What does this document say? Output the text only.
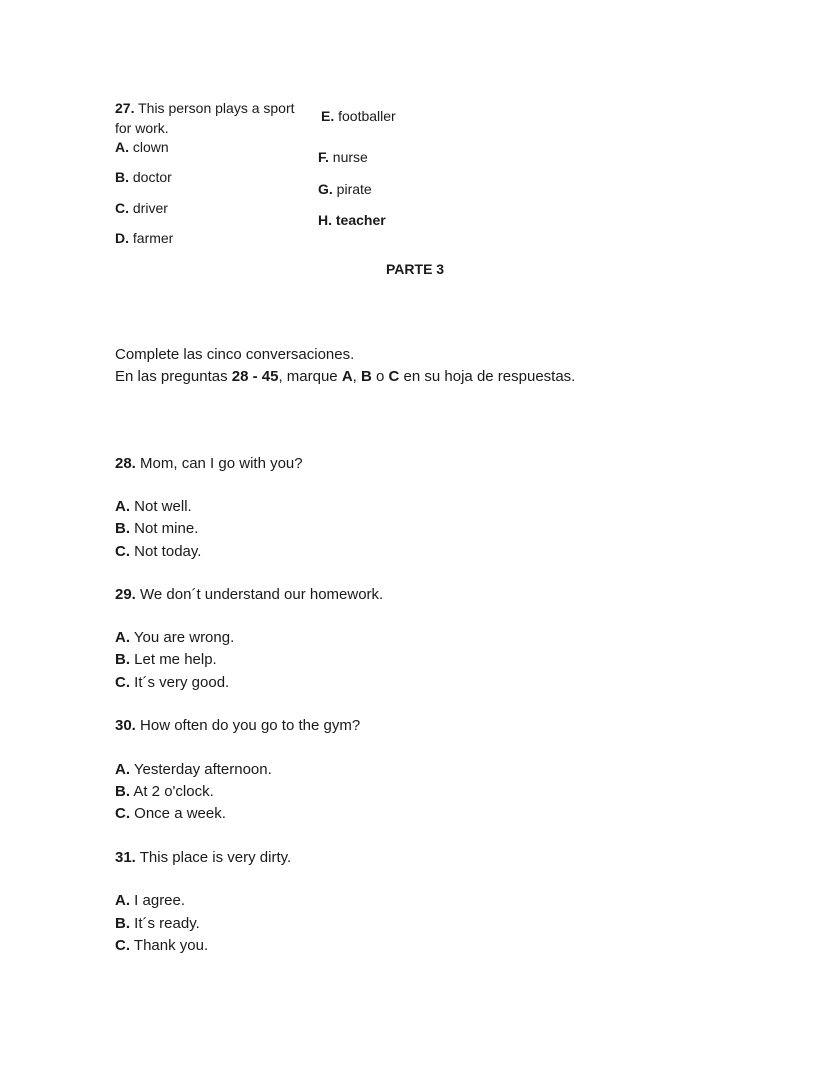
27. This person plays a sport
for work.
A. clown
B. doctor
C. driver
D. farmer
E. footballer
F. nurse
G. pirate
H. teacher
PARTE 3
Complete las cinco conversaciones.
En las preguntas 28 - 45, marque A, B o C en su hoja de respuestas.
28. Mom, can I go with you?
A. Not well.
B. Not mine.
C. Not today.
29. We don´t understand our homework.
A. You are wrong.
B. Let me help.
C. It´s very good.
30. How often do you go to the gym?
A. Yesterday afternoon.
B. At 2 o'clock.
C. Once a week.
31. This place is very dirty.
A. I agree.
B. It´s ready.
C. Thank you.
